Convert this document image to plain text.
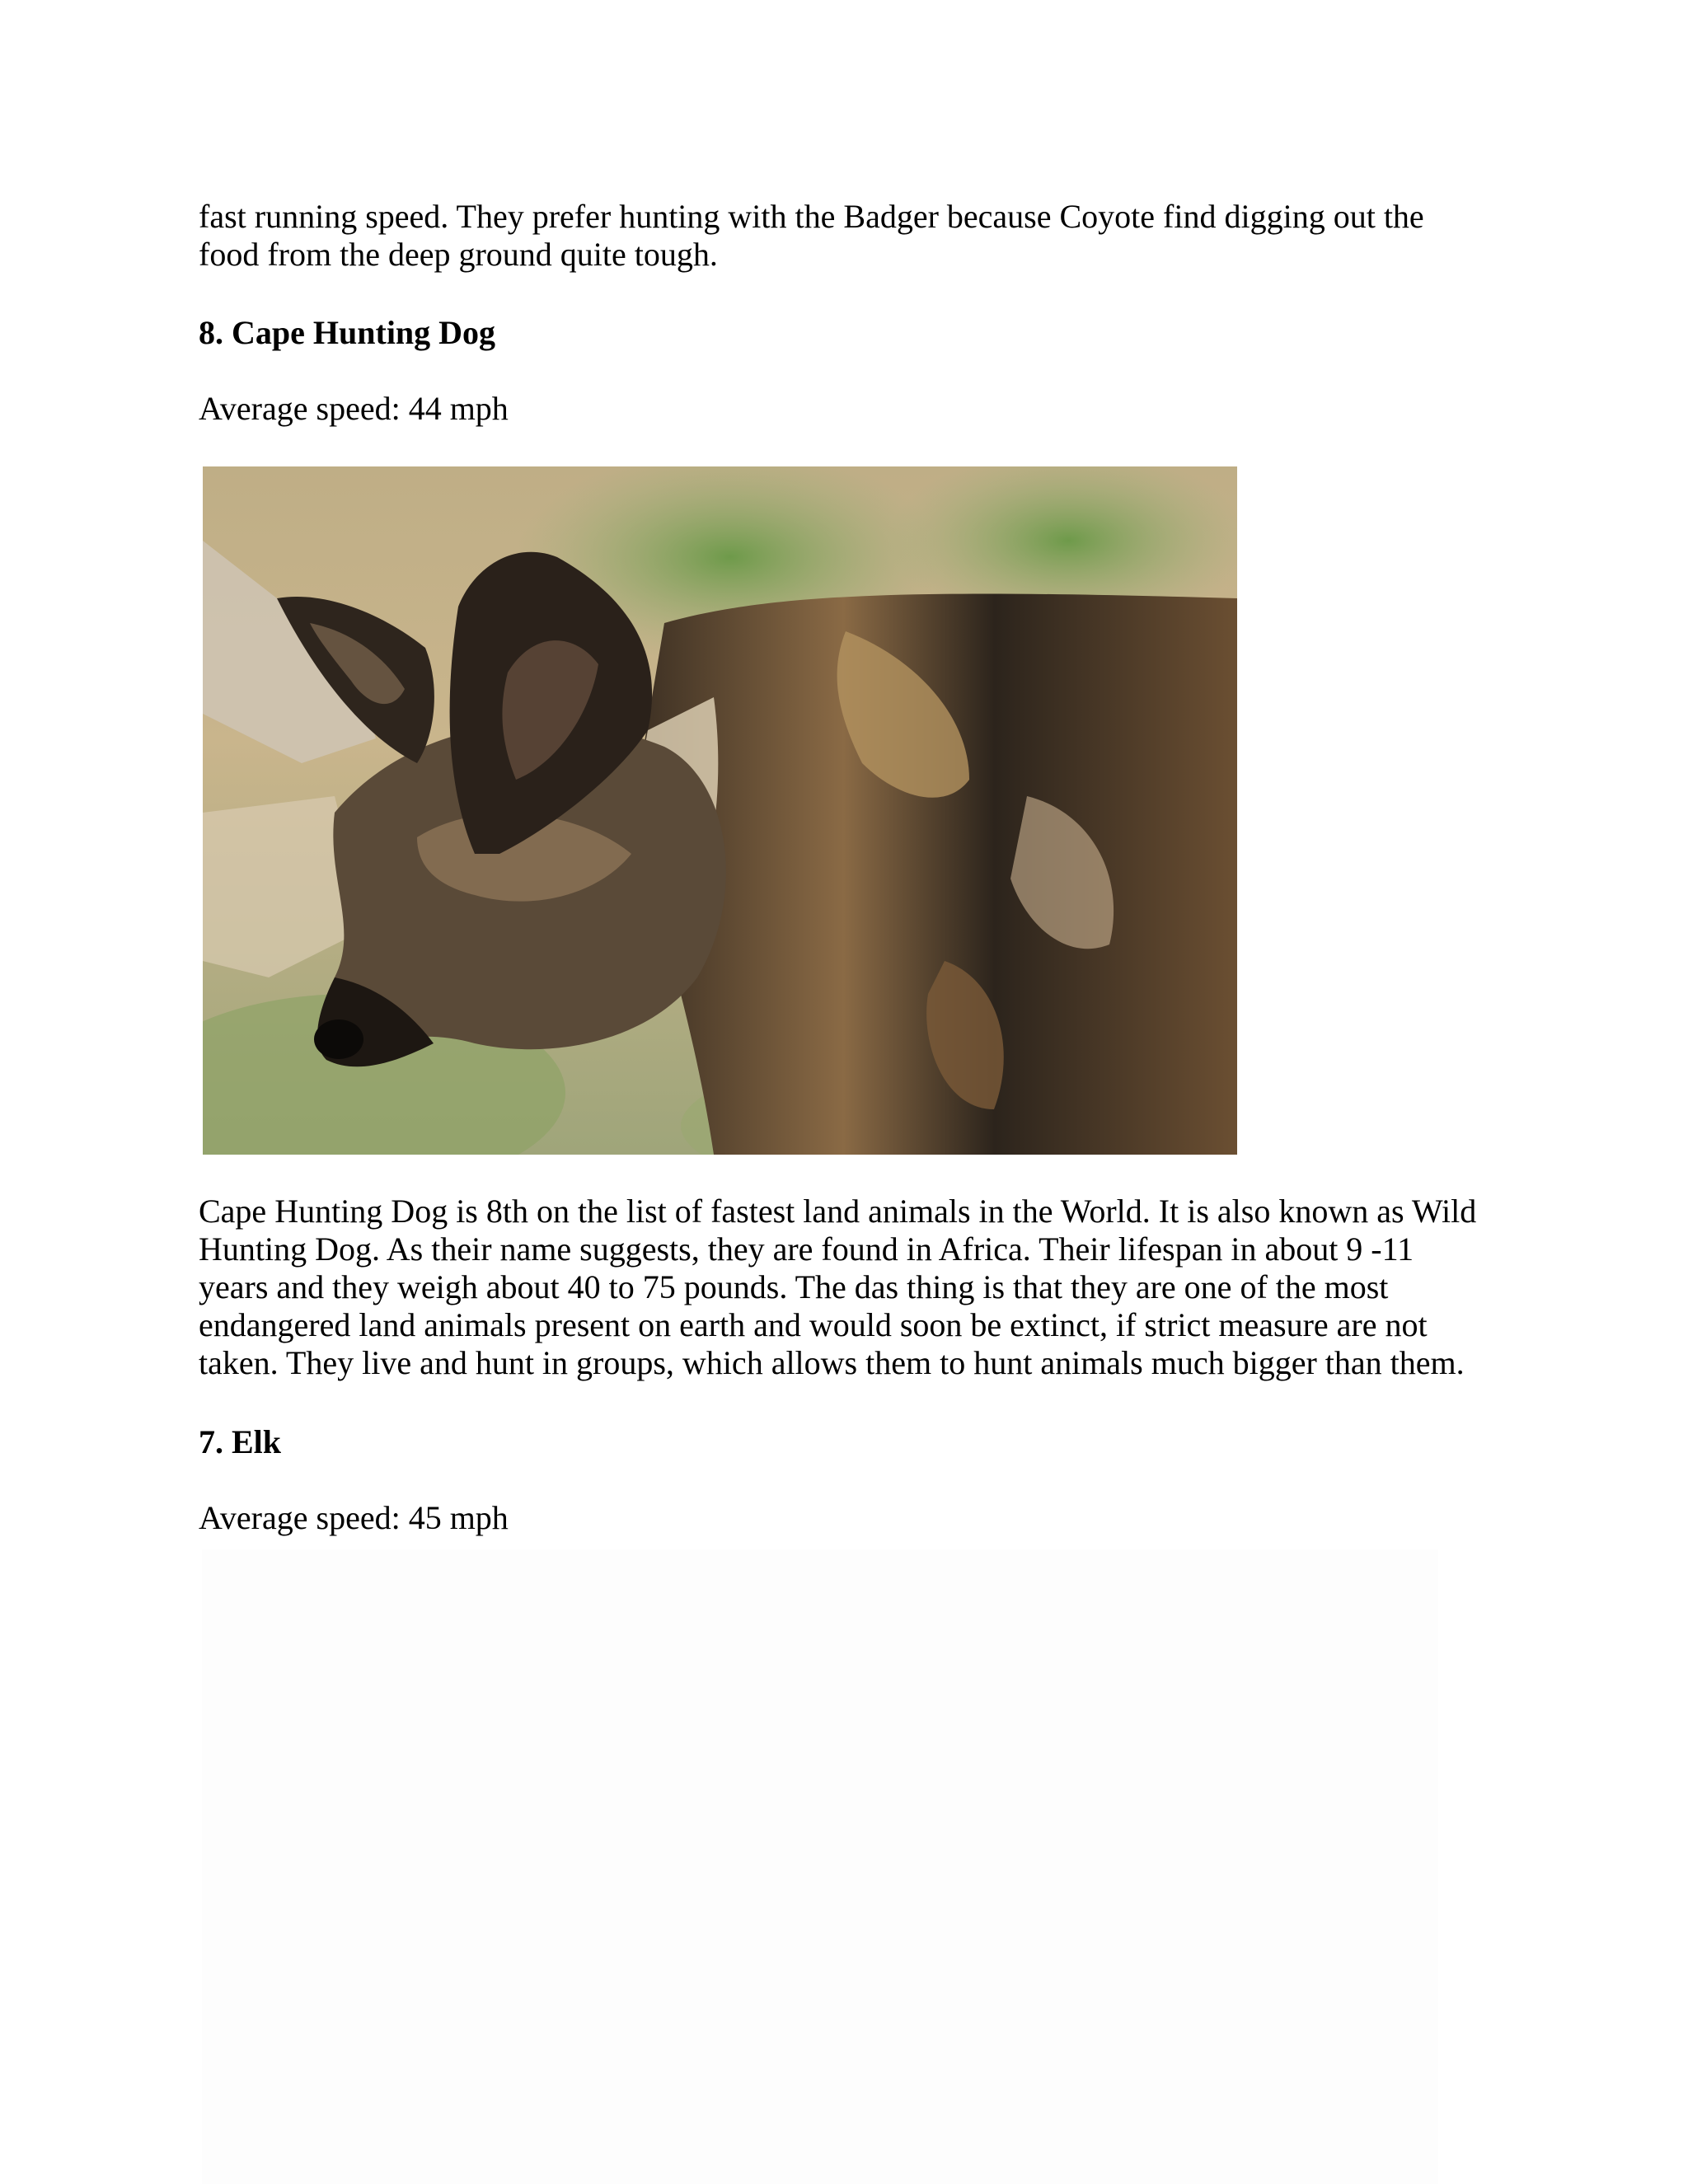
fast running speed. They prefer hunting with the Badger because Coyote find digging out the
food from the deep ground quite tough.

8. Cape Hunting Dog

Average speed: 44 mph

Cape Hunting Dog is 8th on the list of fastest land animals in the World. It is also known as Wild
Hunting Dog. As their name suggests, they are found in Africa. Their lifespan in about 9 -11
years and they weigh about 40 to 75 pounds. The das thing is that they are one of the most
endangered land animals present on earth and would soon be extinct, if strict measure are not
taken. They live and hunt in groups, which allows them to hunt animals much bigger than them.

7. Elk

Average speed: 45 mph
